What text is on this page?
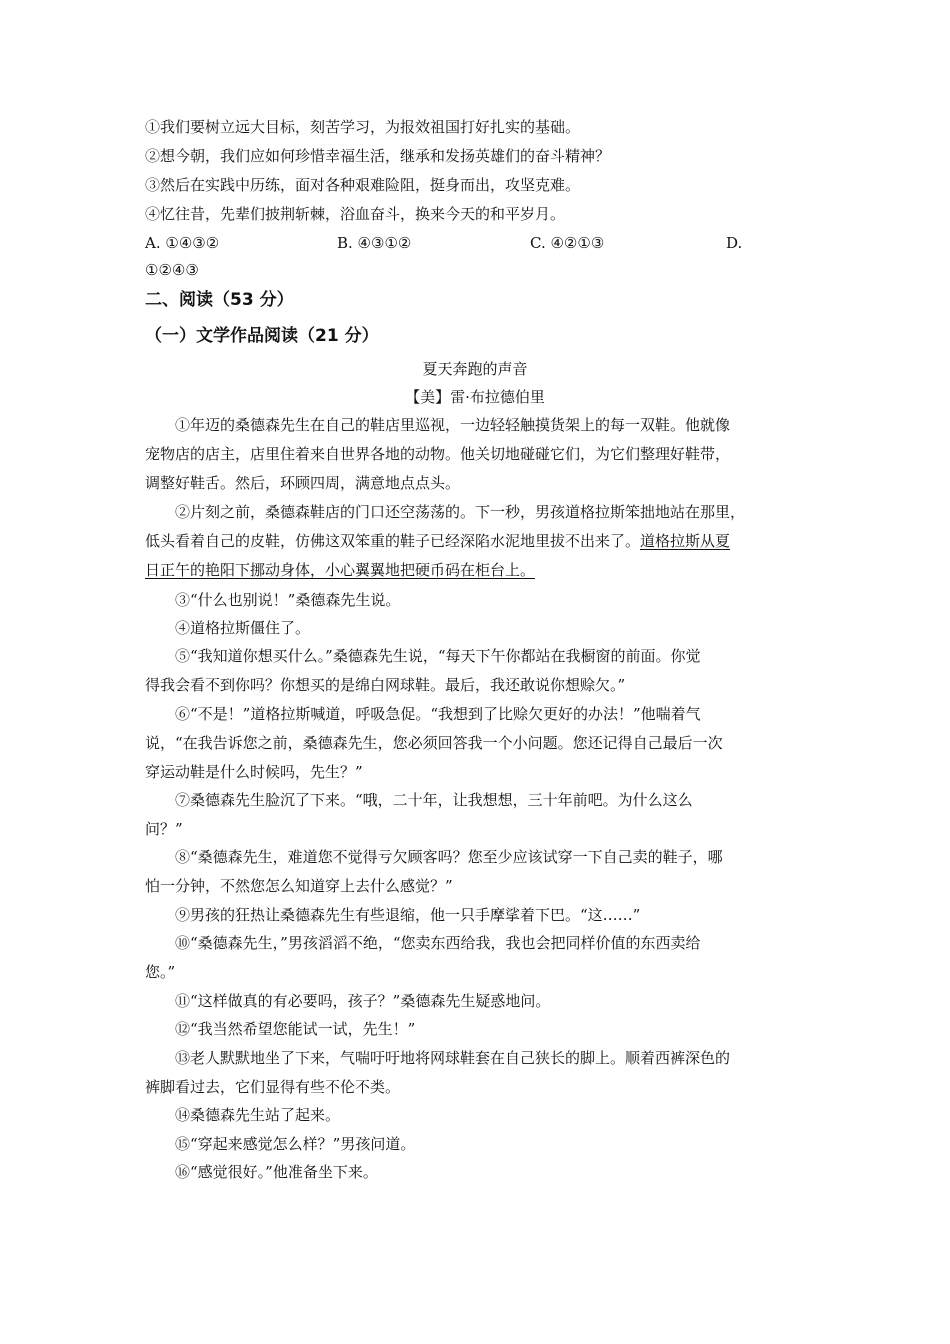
①我们要树立远大目标，刻苦学习，为报效祖国打好扎实的基础。
②想今朝，我们应如何珍惜幸福生活，继承和发扬英雄们的奋斗精神？
③然后在实践中历练，面对各种艰难险阻，挺身而出，攻坚克难。
④忆往昔，先辈们披荆斩棘，浴血奋斗，换来今天的和平岁月。
A. ①④③②	B. ④③①②	C. ④②①③	D.
①②④③
二、阅读（53 分）
（一）文学作品阅读（21 分）
夏天奔跑的声音
【美】雷·布拉德伯里
①年迈的桑德森先生在自己的鞋店里巡视，一边轻轻触摸货架上的每一双鞋。他就像
宠物店的店主，店里住着来自世界各地的动物。他关切地碰碰它们，为它们整理好鞋带，
调整好鞋舌。然后，环顾四周，满意地点点头。
②片刻之前，桑德森鞋店的门口还空荡荡的。下一秒，男孩道格拉斯笨拙地站在那里，
低头看着自己的皮鞋，仿佛这双笨重的鞋子已经深陷水泥地里拔不出来了。道格拉斯从夏
日正午的艳阳下挪动身体，小心翼翼地把硬币码在柜台上。
③“什么也别说！”桑德森先生说。
④道格拉斯僵住了。
⑤“我知道你想买什么。”桑德森先生说，“每天下午你都站在我橱窗的前面。你觉
得我会看不到你吗？你想买的是绵白网球鞋。最后，我还敢说你想赊欠。”
⑥“不是！”道格拉斯喊道，呼吸急促。“我想到了比赊欠更好的办法！”他喘着气
说，“在我告诉您之前，桑德森先生，您必须回答我一个小问题。您还记得自己最后一次
穿运动鞋是什么时候吗，先生？”
⑦桑德森先生脸沉了下来。“哦，二十年，让我想想，三十年前吧。为什么这么
问？”
⑧“桑德森先生，难道您不觉得亏欠顾客吗？您至少应该试穿一下自己卖的鞋子，哪
怕一分钟，不然您怎么知道穿上去什么感觉？”
⑨男孩的狂热让桑德森先生有些退缩，他一只手摩挲着下巴。“这……”
⑩“桑德森先生，”男孩滔滔不绝，“您卖东西给我，我也会把同样价值的东西卖给
您。”
⑪“这样做真的有必要吗，孩子？”桑德森先生疑惑地问。
⑫“我当然希望您能试一试，先生！”
⑬老人默默地坐了下来，气喘吁吁地将网球鞋套在自己狭长的脚上。顺着西裤深色的
裤脚看过去，它们显得有些不伦不类。
⑭桑德森先生站了起来。
⑮“穿起来感觉怎么样？”男孩问道。
⑯“感觉很好。”他准备坐下来。
